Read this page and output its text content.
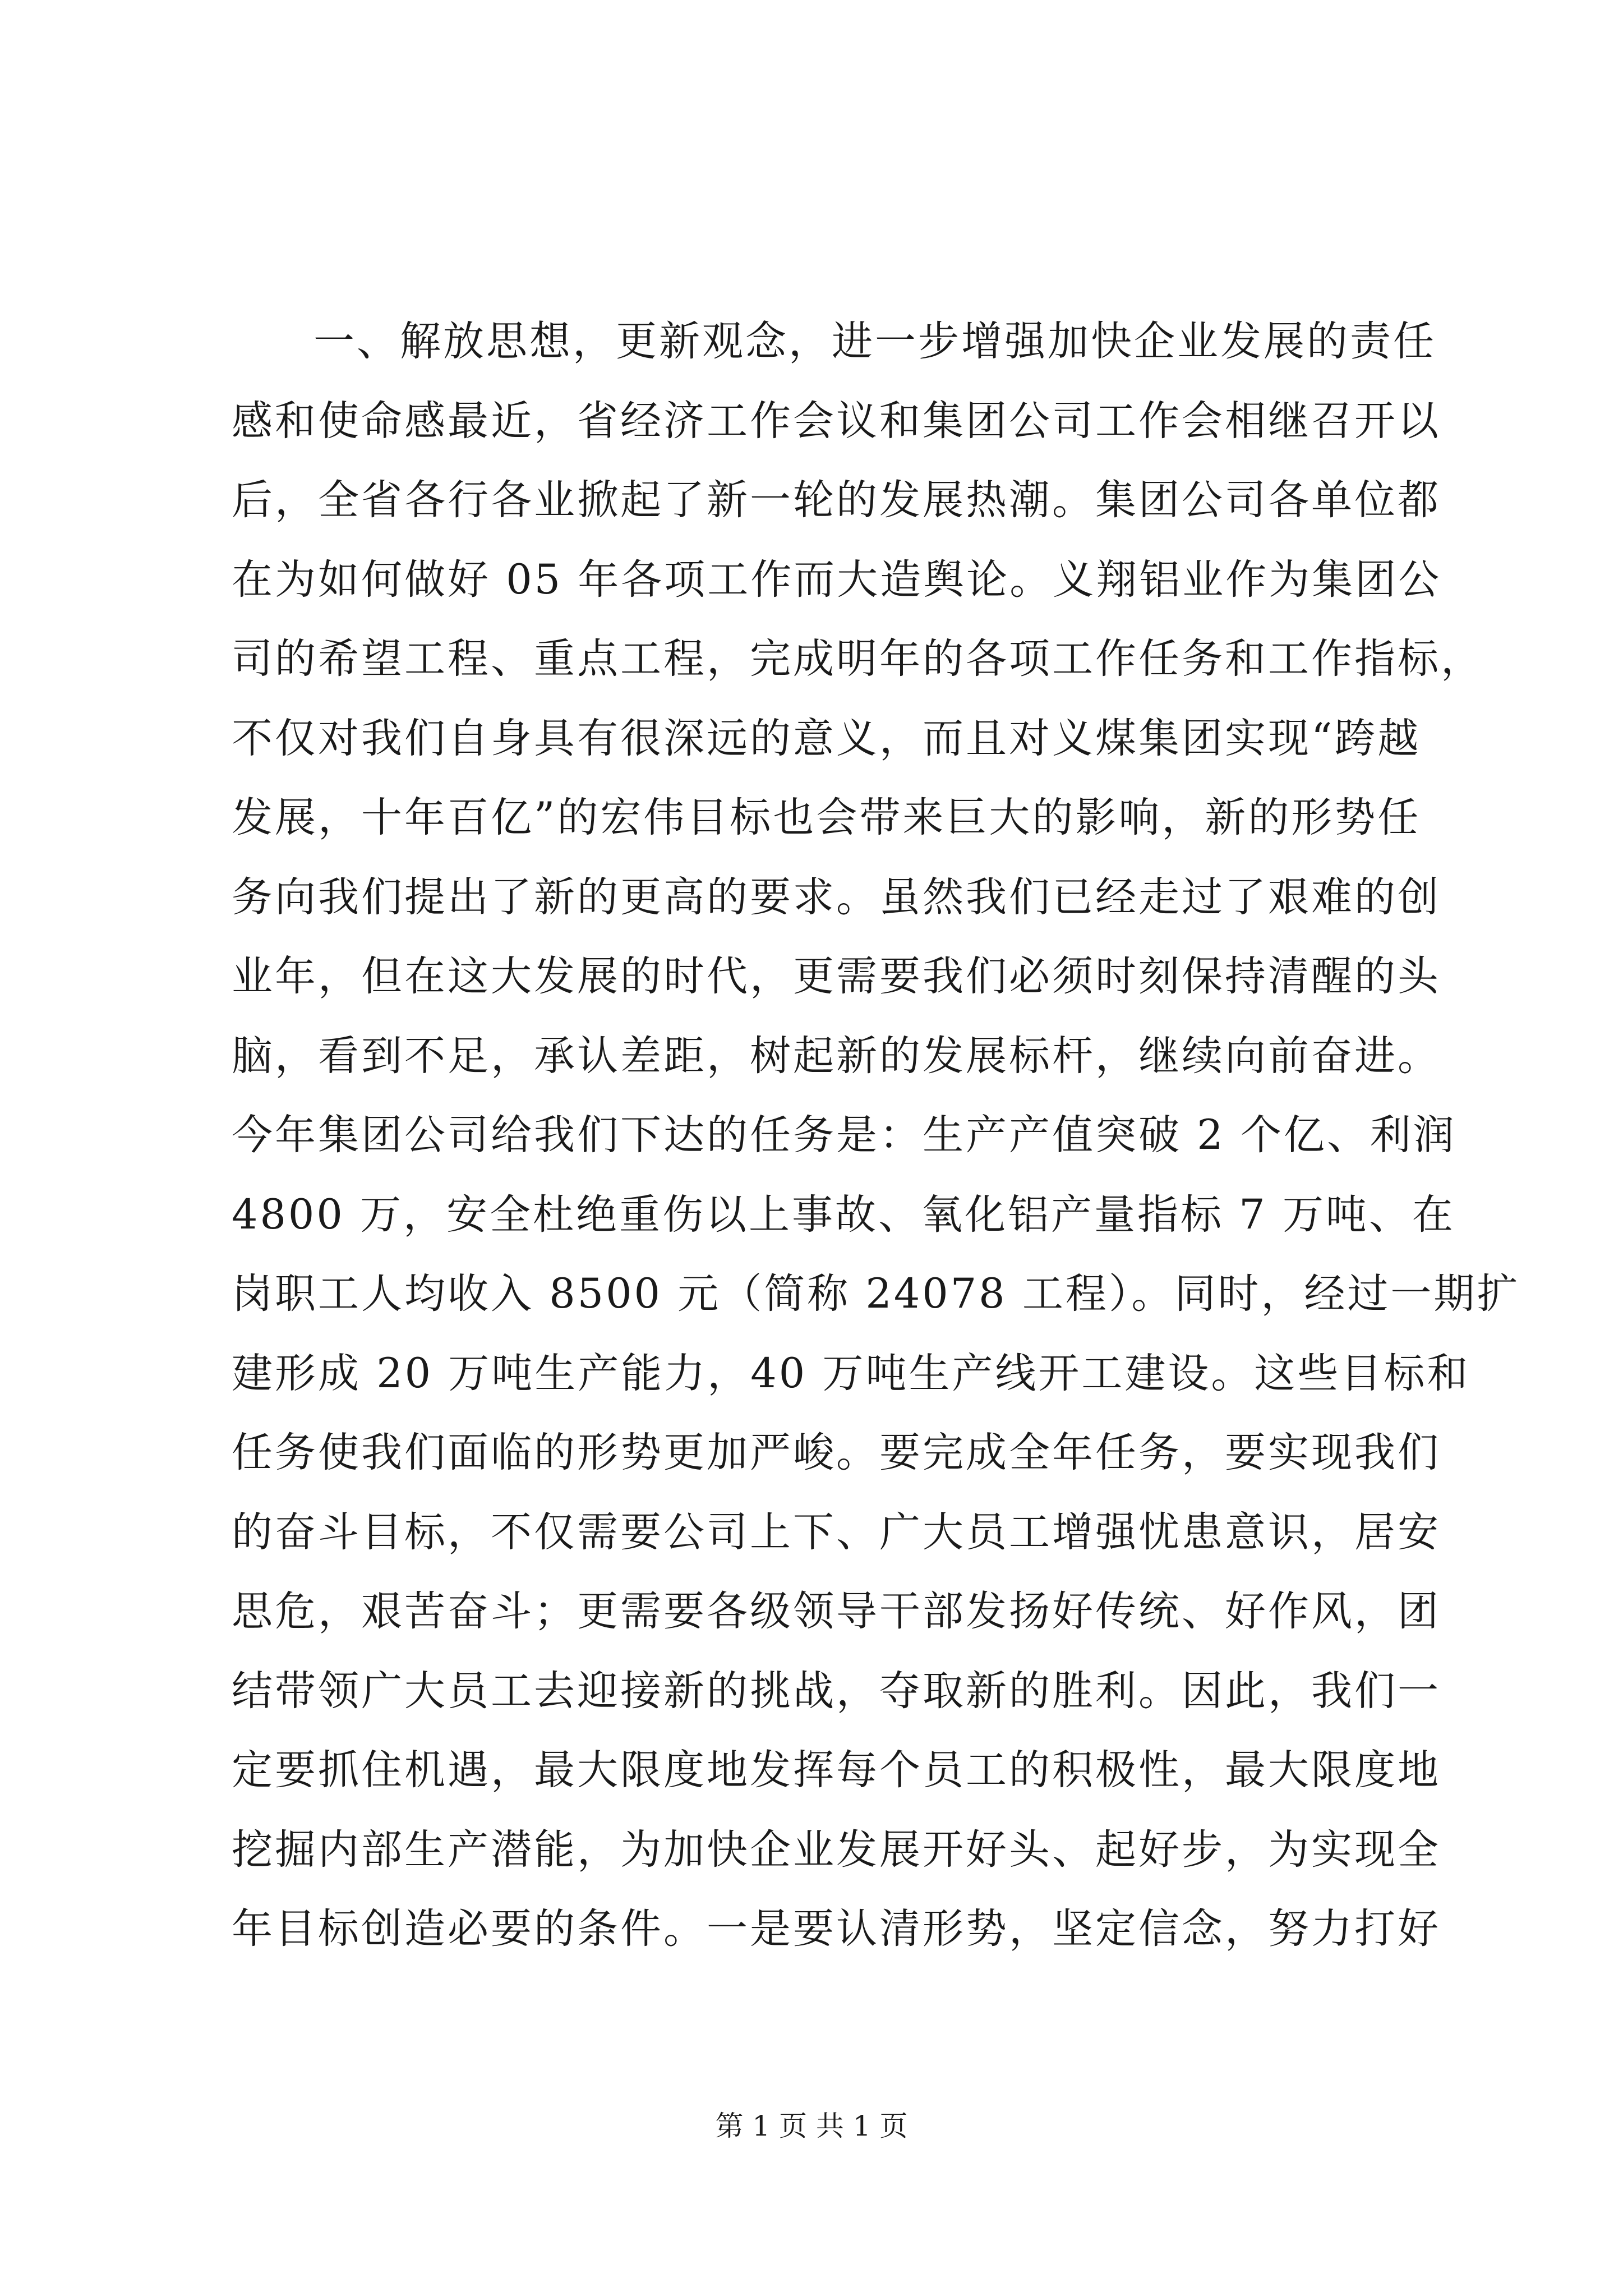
一、解放思想，更新观念，进一步增强加快企业发展的责任
感和使命感最近，省经济工作会议和集团公司工作会相继召开以
后，全省各行各业掀起了新一轮的发展热潮。集团公司各单位都
在为如何做好 05 年各项工作而大造舆论。义翔铝业作为集团公
司的希望工程、重点工程，完成明年的各项工作任务和工作指标，
不仅对我们自身具有很深远的意义，而且对义煤集团实现“跨越
发展，十年百亿”的宏伟目标也会带来巨大的影响，新的形势任
务向我们提出了新的更高的要求。虽然我们已经走过了艰难的创
业年，但在这大发展的时代，更需要我们必须时刻保持清醒的头
脑，看到不足，承认差距，树起新的发展标杆，继续向前奋进。
今年集团公司给我们下达的任务是：生产产值突破 2 个亿、利润
4800 万，安全杜绝重伤以上事故、氧化铝产量指标 7 万吨、在
岗职工人均收入 8500 元（简称 24078 工程）。同时，经过一期扩
建形成 20 万吨生产能力，40 万吨生产线开工建设。这些目标和
任务使我们面临的形势更加严峻。要完成全年任务，要实现我们
的奋斗目标，不仅需要公司上下、广大员工增强忧患意识，居安
思危，艰苦奋斗；更需要各级领导干部发扬好传统、好作风，团
结带领广大员工去迎接新的挑战，夺取新的胜利。因此，我们一
定要抓住机遇，最大限度地发挥每个员工的积极性，最大限度地
挖掘内部生产潜能，为加快企业发展开好头、起好步，为实现全
年目标创造必要的条件。一是要认清形势，坚定信念，努力打好
第 1 页 共 1 页
